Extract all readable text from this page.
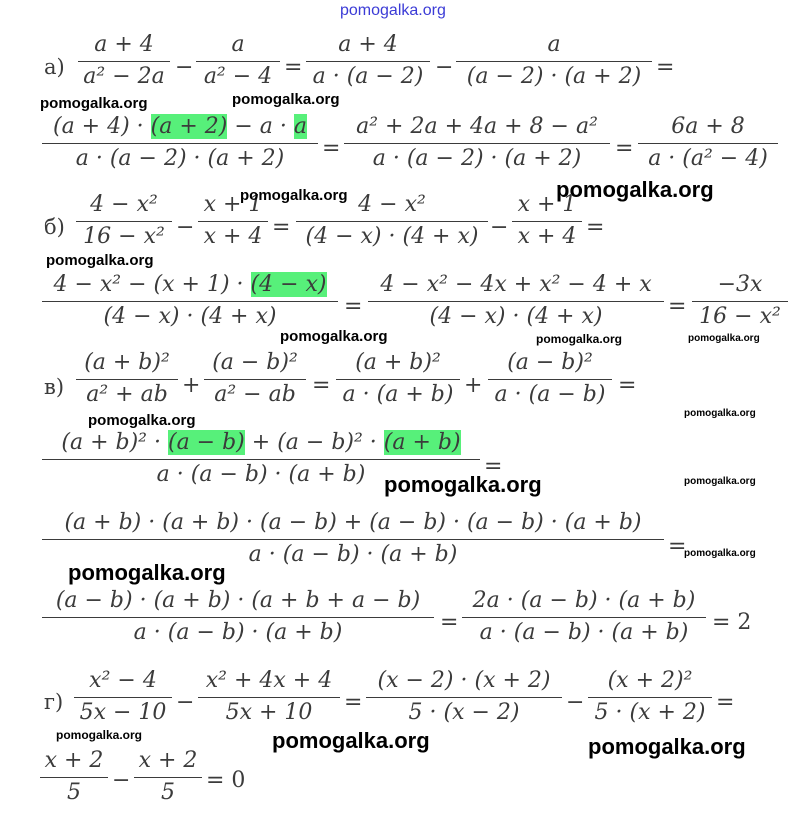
pomogalka.org
а)
a + 4
a² − 2a −
a
a² − 4 =
a + 4
a · (a − 2) −
a
(a − 2) · (a + 2) =
pomogalka.org	pomogalka.org
(a + 4) · (a + 2) − a · a
a · (a − 2) · (a + 2)	=
a² + 2a + 4a + 8 − a²
a · (a − 2) · (a + 2)	=
6a + 8
a · (a² − 4)
pomogalka.org
б)
4 − x²
16 − x² −
x + 1
x + 4
pomogalka.org
=
4 − x²
(4 − x) · (4 + x) −
x + 1
x + 4 =
pomogalka.org
4 − x² − (x + 1) · (4 − x)
(4 − x) · (4 + x)	=
4 − x² − 4x + x² − 4 + x
(4 − x) · (4 + x)	=
−3x
16 − x²
pomogalka.org	pomogalka.org	pomogalka.org
в)
(a + b)²
a² + ab +
(a − b)²
a² − ab =
(a + b)²
a · (a + b) +
(a − b)²
a · (a − b) =
pomogalka.org	pomogalka.org
(a + b)² · (a − b) + (a − b)² · (a + b)
a · (a − b) · (a + b)	=
pomogalka.org	pomogalka.org
(a + b) · (a + b) · (a − b) + (a − b) · (a − b) · (a + b)
a · (a − b) · (a + b)	=
pomogalka.org
pomogalka.org
(a − b) · (a + b) · (a + b + a − b)
a · (a − b) · (a + b)	=
2a · (a − b) · (a + b)
a · (a − b) · (a + b)	= 2
г)
x² − 4
5x − 10 −
x² + 4x + 4
5x + 10	=
(x − 2) · (x + 2)
5 · (x − 2)	−
(x + 2)²
5 · (x + 2) =
pomogalka.org	pomogalka.org	pomogalka.org
x + 2
5	−
x + 2
5	= 0
